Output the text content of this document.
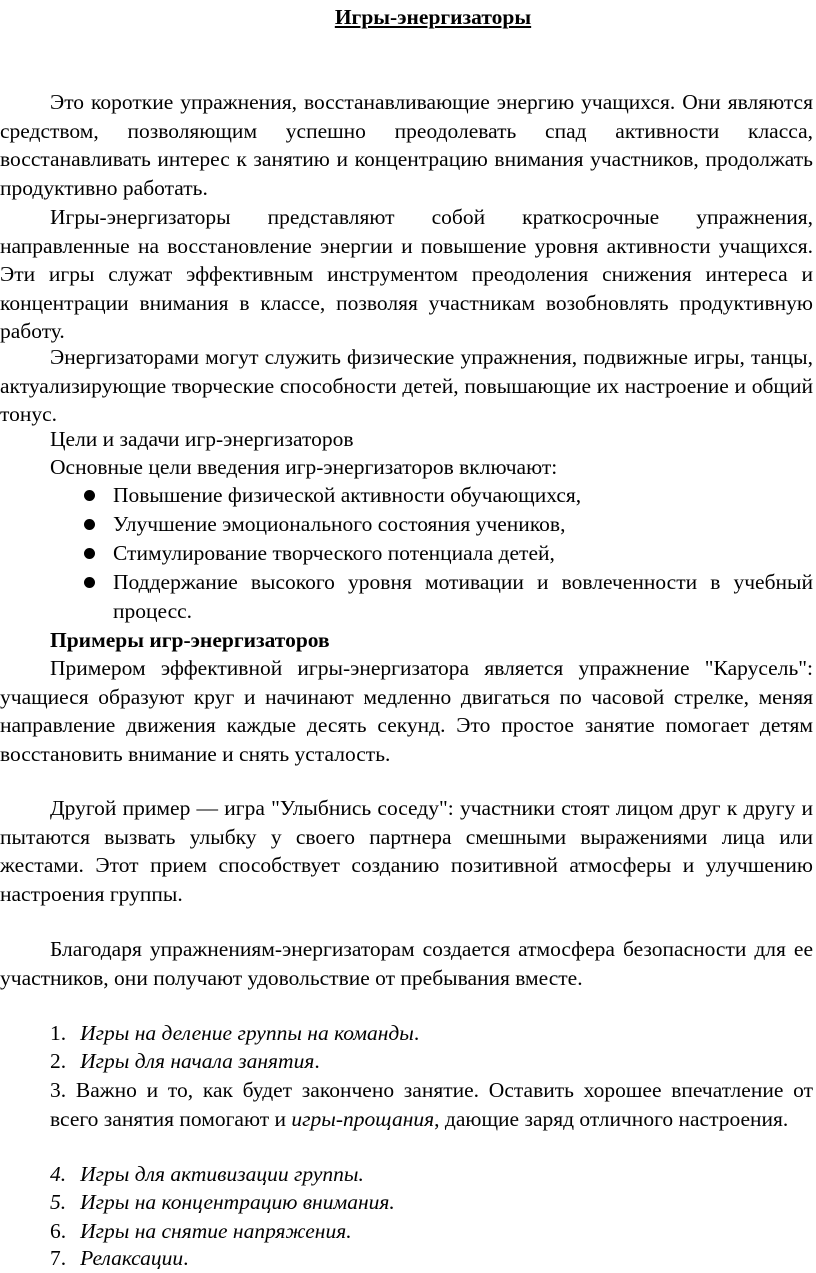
Игры-энергизаторы
Это короткие упражнения, восстанавливающие энергию учащихся. Они являются средством, позволяющим успешно преодолевать спад активности класса, восстанавливать интерес к занятию и концентрацию внимания участников, продолжать продуктивно работать.
Игры-энергизаторы представляют собой краткосрочные упражнения, направленные на восстановление энергии и повышение уровня активности учащихся. Эти игры служат эффективным инструментом преодоления снижения интереса и концентрации внимания в классе, позволяя участникам возобновлять продуктивную работу.
Энергизаторами могут служить физические упражнения, подвижные игры, танцы, актуализирующие творческие способности детей, повышающие их настроение и общий тонус.
Цели и задачи игр-энергизаторов
Основные цели введения игр-энергизаторов включают:
Повышение физической активности обучающихся,
Улучшение эмоционального состояния учеников,
Стимулирование творческого потенциала детей,
Поддержание высокого уровня мотивации и вовлеченности в учебный процесс.
Примеры игр-энергизаторов
Примером эффективной игры-энергизатора является упражнение "Карусель": учащиеся образуют круг и начинают медленно двигаться по часовой стрелке, меняя направление движения каждые десять секунд. Это простое занятие помогает детям восстановить внимание и снять усталость.
Другой пример — игра "Улыбнись соседу": участники стоят лицом друг к другу и пытаются вызвать улыбку у своего партнера смешными выражениями лица или жестами. Этот прием способствует созданию позитивной атмосферы и улучшению настроения группы.
Благодаря упражнениям-энергизаторам создается атмосфера безопасности для ее участников, они получают удовольствие от пребывания вместе.
1. Игры на деление группы на команды.
2. Игры для начала занятия.
3. Важно и то, как будет закончено занятие. Оставить хорошее впечатление от всего занятия помогают и игры-прощания, дающие заряд отличного настроения.
4. Игры для активизации группы.
5. Игры на концентрацию внимания.
6. Игры на снятие напряжения.
7. Релаксации.
